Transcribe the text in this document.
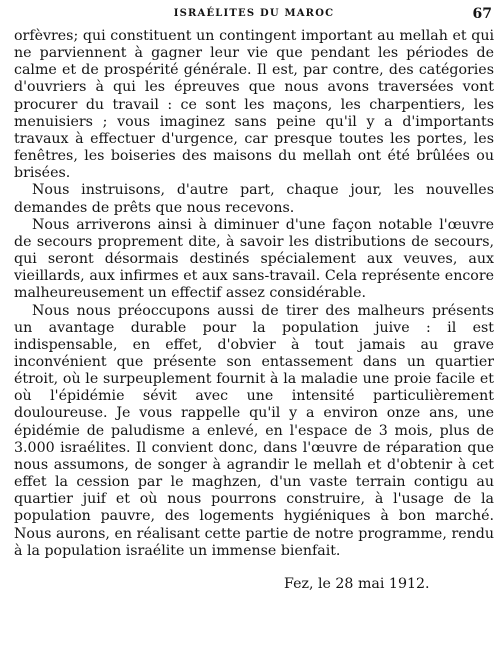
ISRAÉLITES DU MAROC	67

orfèvres; qui constituent un contingent important au mellah et qui ne parviennent à gagner leur vie que pendant les périodes de calme et de prospérité générale. Il est, par contre, des catégories d'ouvriers à qui les épreuves que nous avons traversées vont procurer du travail : ce sont les maçons, les charpentiers, les menuisiers ; vous imaginez sans peine qu'il y a d'importants travaux à effectuer d'urgence, car presque toutes les portes, les fenêtres, les boiseries des maisons du mellah ont été brûlées ou brisées.

Nous instruisons, d'autre part, chaque jour, les nouvelles demandes de prêts que nous recevons.

Nous arriverons ainsi à diminuer d'une façon notable l'œuvre de secours proprement dite, à savoir les distributions de secours, qui seront désormais destinés spécialement aux veuves, aux vieillards, aux infirmes et aux sans-travail. Cela représente encore malheureusement un effectif assez considérable.

Nous nous préoccupons aussi de tirer des malheurs présents un avantage durable pour la population juive : il est indispensable, en effet, d'obvier à tout jamais au grave inconvénient que présente son entassement dans un quartier étroit, où le surpeuplement fournit à la maladie une proie facile et où l'épidémie sévit avec une intensité particulièrement douloureuse. Je vous rappelle qu'il y a environ onze ans, une épidémie de paludisme a enlevé, en l'espace de 3 mois, plus de 3.000 israélites. Il convient donc, dans l'œuvre de réparation que nous assumons, de songer à agrandir le mellah et d'obtenir à cet effet la cession par le maghzen, d'un vaste terrain contigu au quartier juif et où nous pourrons construire, à l'usage de la population pauvre, des logements hygiéniques à bon marché. Nous aurons, en réalisant cette partie de notre programme, rendu à la population israélite un immense bienfait.

Fez, le 28 mai 1912.
